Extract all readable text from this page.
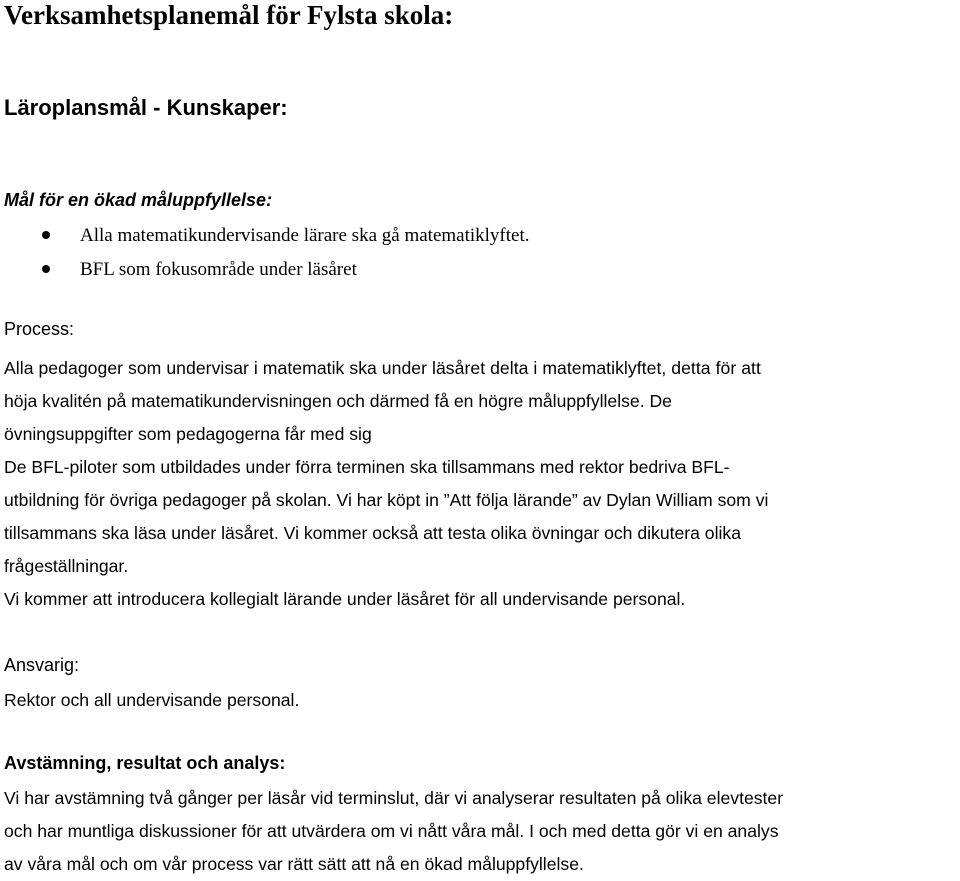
Verksamhetsplanemål för Fylsta skola:
Läroplansmål - Kunskaper:
Mål för en ökad måluppfyllelse:
Alla matematikundervisande lärare ska gå matematiklyftet.
BFL som fokusområde under läsåret
Process:
Alla pedagoger som undervisar i matematik ska under läsåret delta i matematiklyftet, detta för att
höja kvalitén på matematikundervisningen och därmed få en högre måluppfyllelse. De
övningsuppgifter som pedagogerna får med sig
De BFL-piloter som utbildades under förra terminen ska tillsammans med rektor bedriva BFL-
utbildning för övriga pedagoger på skolan. Vi har köpt in ”Att följa lärande” av Dylan William som vi
tillsammans ska läsa under läsåret. Vi kommer också att testa olika övningar och dikutera olika
frågeställningar.
Vi kommer att introducera kollegialt lärande under läsåret för all undervisande personal.
Ansvarig:
Rektor och all undervisande personal.
Avstämning, resultat och analys:
Vi har avstämning två gånger per läsår vid terminslut, där vi analyserar resultaten på olika elevtester
och har muntliga diskussioner för att utvärdera om vi nått våra mål. I och med detta gör vi en analys
av våra mål och om vår process var rätt sätt att nå en ökad måluppfyllelse.
